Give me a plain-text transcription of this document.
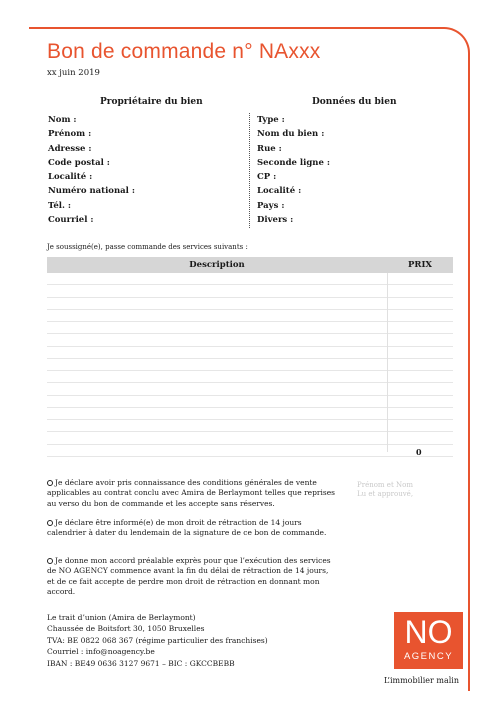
Bon de commande n° NAxxx
xx juin 2019
Propriétaire du bien	Données du bien
Nom :
Prénom :
Adresse :
Code postal :
Localité :
Numéro national :
Tél. :
Courriel :
Type :
Nom du bien :
Rue :
Seconde ligne :
CP :
Localité :
Pays :
Divers :
Je soussigné(e), passe commande des services suivants :
Description	PRIX
0
Je déclare avoir pris connaissance des conditions générales de vente applicables au contrat conclu avec Amira de Berlaymont telles que reprises au verso du bon de commande et les accepte sans réserves.
Je déclare être informé(e) de mon droit de rétraction de 14 jours calendrier à dater du lendemain de la signature de ce bon de commande.
Je donne mon accord préalable exprès pour que l’exécution des services de NO AGENCY commence avant la fin du délai de rétraction de 14 jours, et de ce fait accepte de perdre mon droit de rétraction en donnant mon accord.
Prénom et Nom
Lu et approuvé,
Le trait d’union (Amira de Berlaymont)
Chaussée de Boitsfort 30, 1050 Bruxelles
TVA: BE 0822 068 367 (régime particulier des franchises)
Courriel : info@noagency.be
IBAN : BE49 0636 3127 9671 – BIC : GKCCBEBB
NO
AGENCY
L’immobilier malin
